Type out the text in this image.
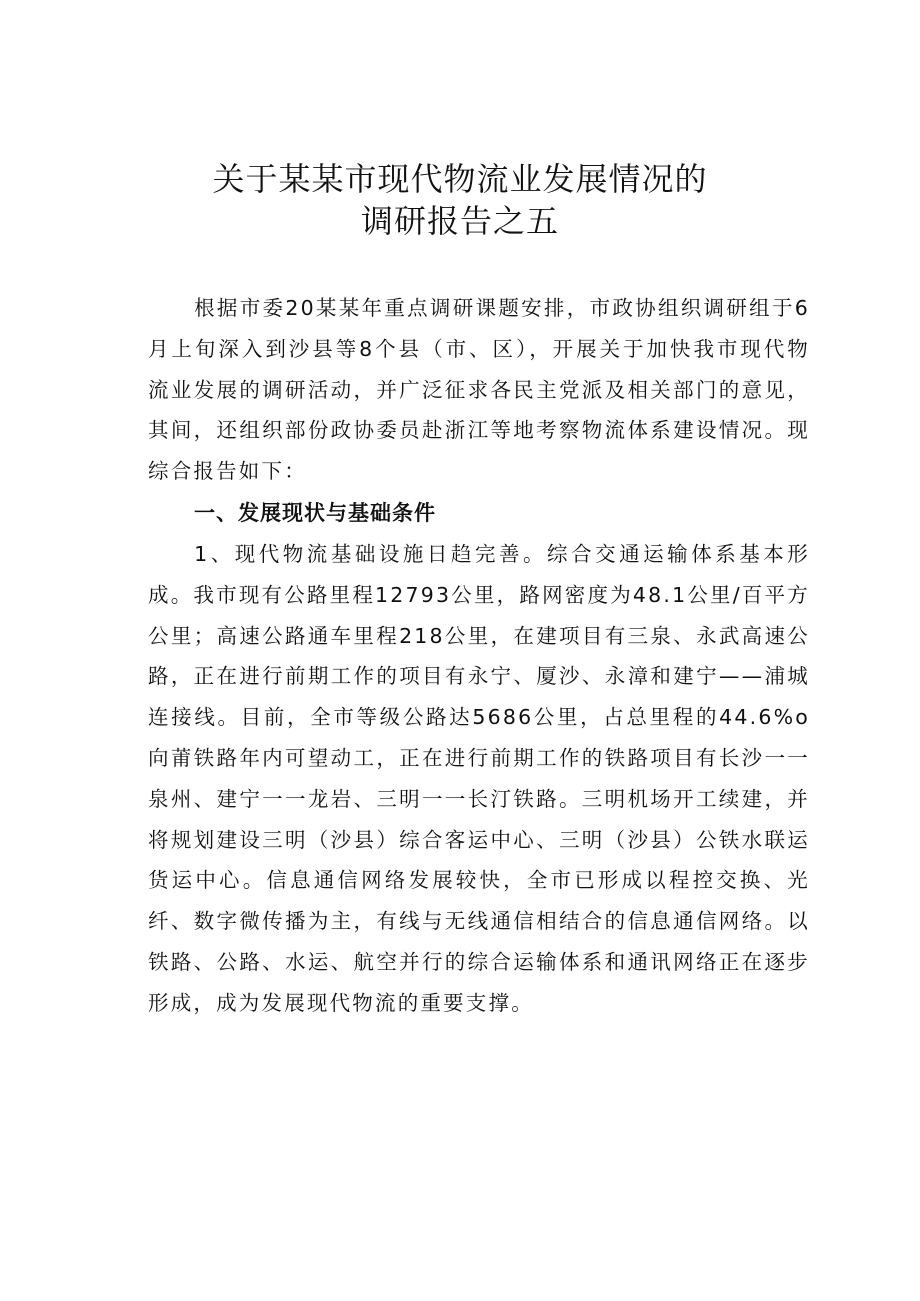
关于某某市现代物流业发展情况的
调研报告之五

根据市委20某某年重点调研课题安排，市政协组织调研组于6月上旬深入到沙县等8个县（市、区），开展关于加快我市现代物流业发展的调研活动，并广泛征求各民主党派及相关部门的意见，其间，还组织部份政协委员赴浙江等地考察物流体系建设情况。现综合报告如下：

一、发展现状与基础条件

1、现代物流基础设施日趋完善。综合交通运输体系基本形成。我市现有公路里程12793公里，路网密度为48.1公里/百平方公里；高速公路通车里程218公里，在建项目有三泉、永武高速公路，正在进行前期工作的项目有永宁、厦沙、永漳和建宁——浦城连接线。目前，全市等级公路达5686公里，占总里程的44.6%o向莆铁路年内可望动工，正在进行前期工作的铁路项目有长沙一一泉州、建宁一一龙岩、三明一一长汀铁路。三明机场开工续建，并将规划建设三明（沙县）综合客运中心、三明（沙县）公铁水联运货运中心。信息通信网络发展较快，全市已形成以程控交换、光纤、数字微传播为主，有线与无线通信相结合的信息通信网络。以铁路、公路、水运、航空并行的综合运输体系和通讯网络正在逐步形成，成为发展现代物流的重要支撑。
